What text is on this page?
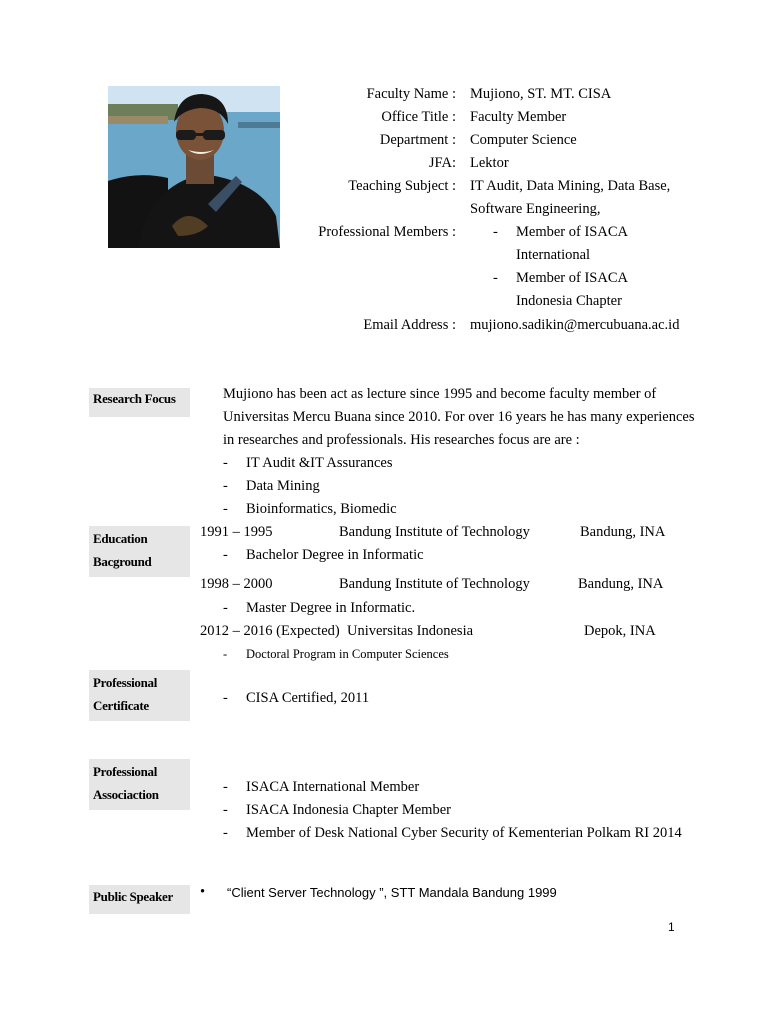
Faculty Name : Mujiono, ST. MT. CISA
Office Title : Faculty Member
Department : Computer Science
JFA: Lektor
Teaching Subject : IT Audit, Data Mining, Data Base,
Software Engineering,
Professional Members :	- Member of ISACA
International
- Member of ISACA
Indonesia Chapter
Email Address : mujiono.sadikin@mercubuana.ac.id
Research Focus	Mujiono has been act as lecture since 1995 and become faculty member of
Universitas Mercu Buana since 2010. For over 16 years he has many experiences
in researches and professionals. His researches focus are are :
- IT Audit &IT Assurances
- Data Mining
- Bioinformatics, Biomedic
Education
Bacground
1991 – 1995	Bandung Institute of Technology	Bandung, INA
- Bachelor Degree in Informatic
1998 – 2000	Bandung Institute of Technology	Bandung, INA
- Master Degree in Informatic.
2012 – 2016 (Expected) Universitas Indonesia	Depok, INA
- Doctoral Program in Computer Sciences
Professional
Certificate	- CISA Certified, 2011
Professional
Associaction	- ISACA International Member
- ISACA Indonesia Chapter Member
- Member of Desk National Cyber Security of Kementerian Polkam RI 2014
Public Speaker	• “Client Server Technology ”, STT Mandala Bandung 1999
1
